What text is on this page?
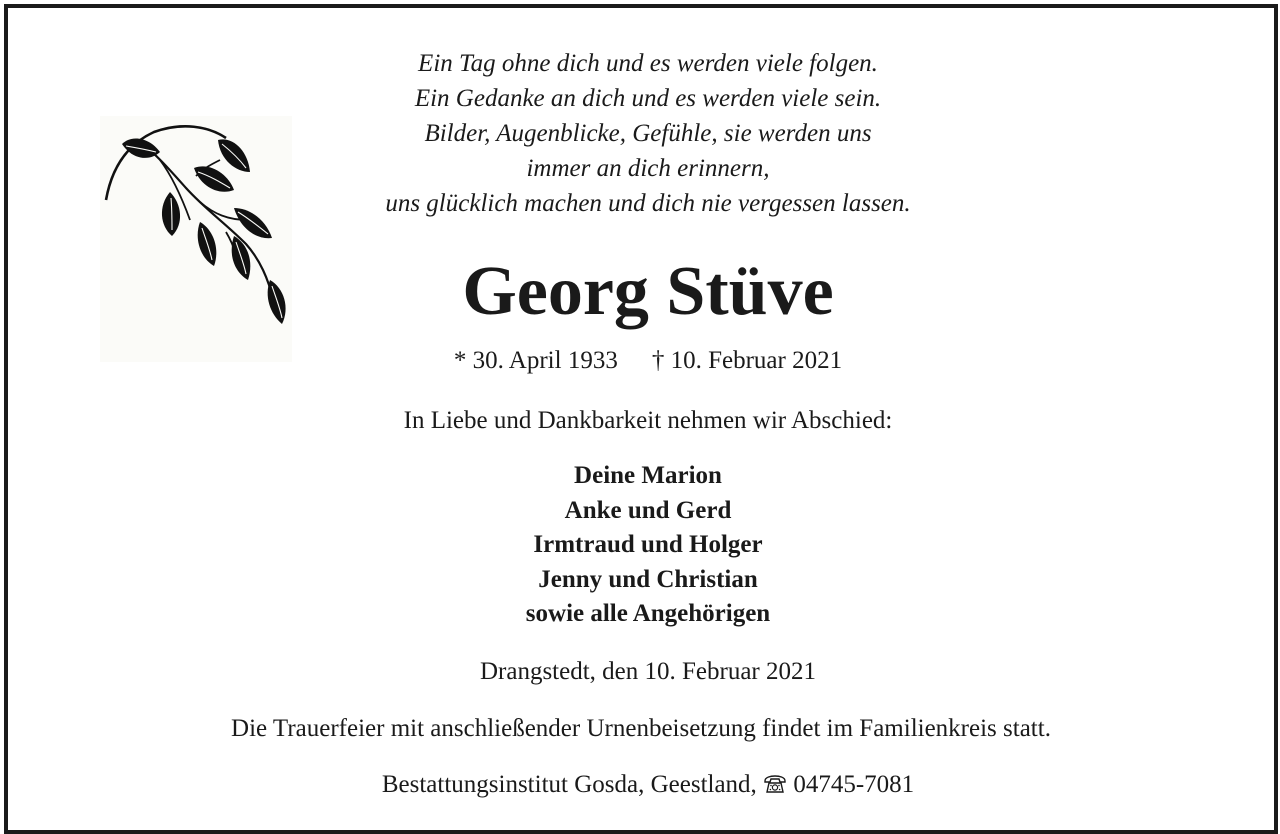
Ein Tag ohne dich und es werden viele folgen.
Ein Gedanke an dich und es werden viele sein.
Bilder, Augenblicke, Gefühle, sie werden uns
immer an dich erinnern,
uns glücklich machen und dich nie vergessen lassen.
Georg Stüve
* 30. April 1933 † 10. Februar 2021
In Liebe und Dankbarkeit nehmen wir Abschied:
Deine Marion
Anke und Gerd
Irmtraud und Holger
Jenny und Christian
sowie alle Angehörigen
Drangstedt, den 10. Februar 2021
Die Trauerfeier mit anschließender Urnenbeisetzung findet im Familienkreis statt.
Bestattungsinstitut Gosda, Geestland, 04745-7081
